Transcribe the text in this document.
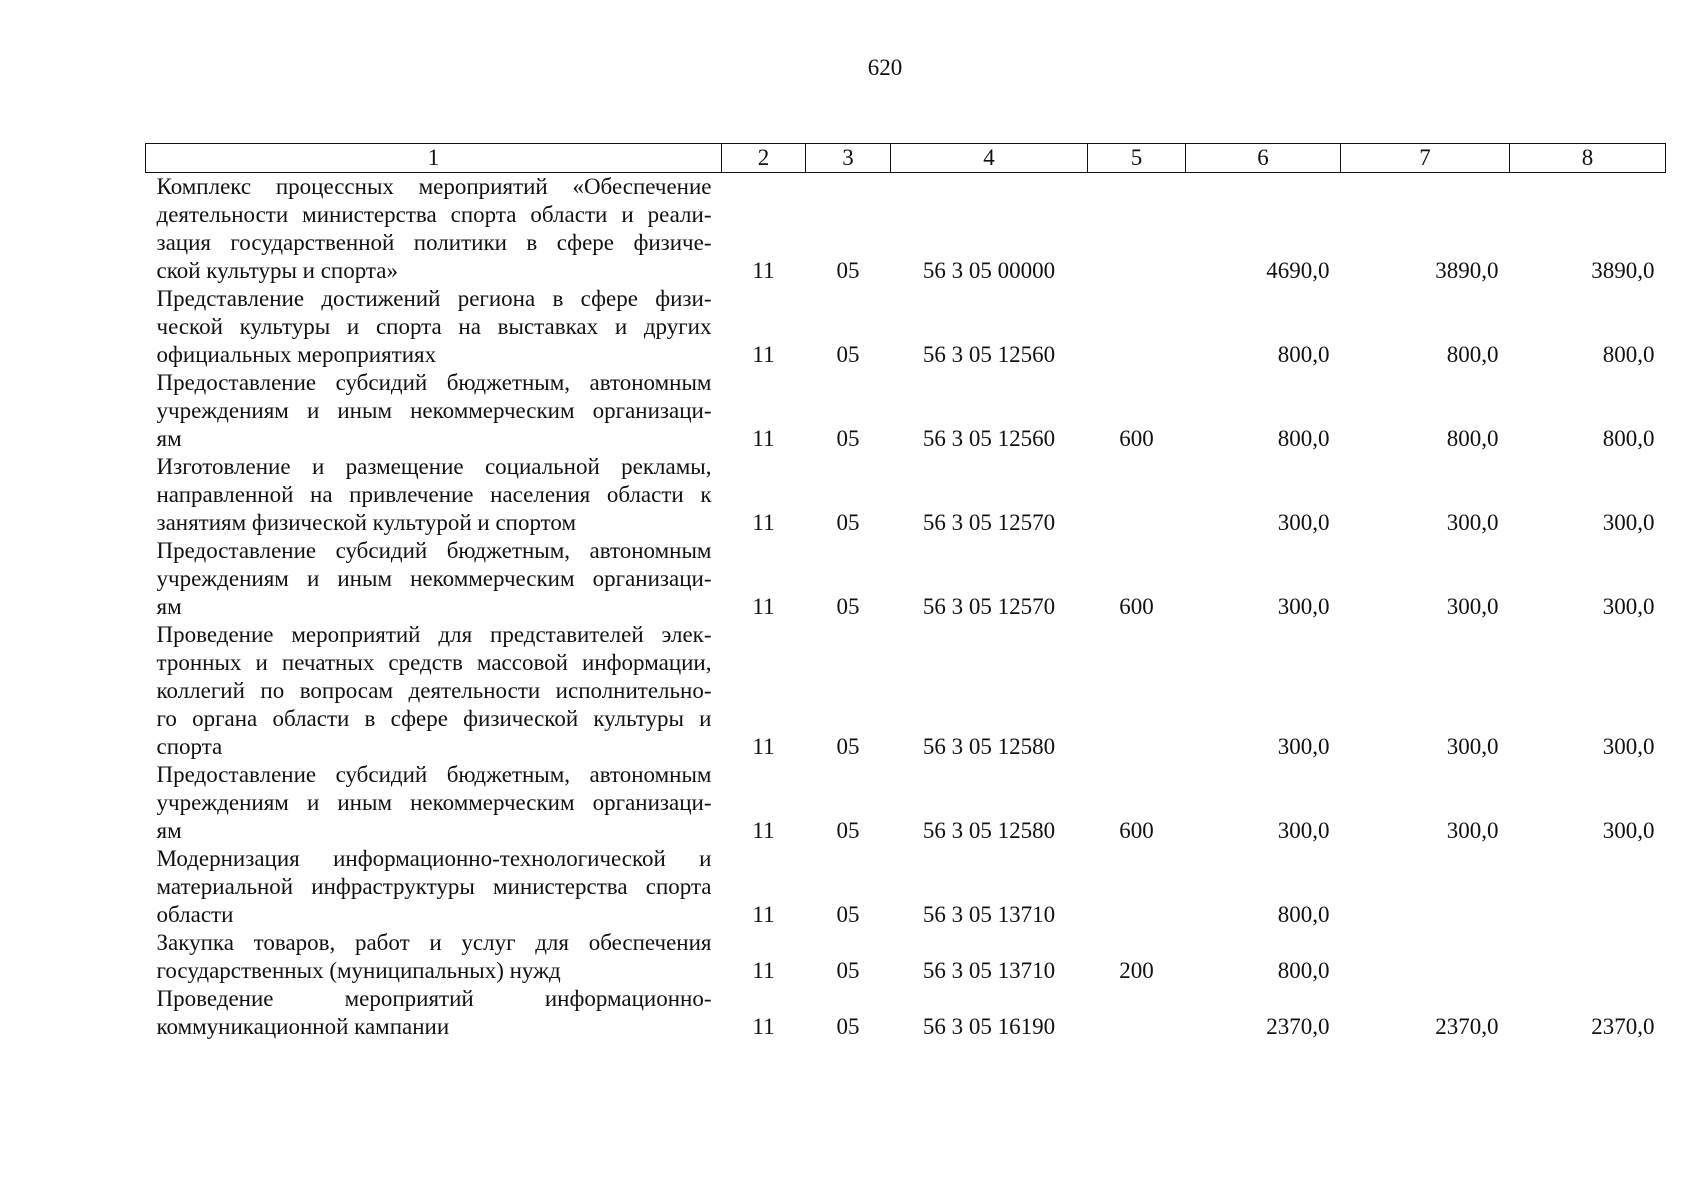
620
1	2	3	4	5	6	7	8

Комплекс процессных мероприятий «Обеспечение
деятельности министерства спорта области и реали-
зация государственной политики в сфере физиче-
ской культуры и спорта»	11	05	56 3 05 00000		4690,0	3890,0	3890,0

Представление достижений региона в сфере физи-
ческой культуры и спорта на выставках и других
официальных мероприятиях	11	05	56 3 05 12560		800,0	800,0	800,0

Предоставление субсидий бюджетным, автономным
учреждениям и иным некоммерческим организаци-
ям	11	05	56 3 05 12560	600	800,0	800,0	800,0

Изготовление и размещение социальной рекламы,
направленной на привлечение населения области к
занятиям физической культурой и спортом	11	05	56 3 05 12570		300,0	300,0	300,0

Предоставление субсидий бюджетным, автономным
учреждениям и иным некоммерческим организаци-
ям	11	05	56 3 05 12570	600	300,0	300,0	300,0

Проведение мероприятий для представителей элек-
тронных и печатных средств массовой информации,
коллегий по вопросам деятельности исполнительно-
го органа области в сфере физической культуры и
спорта	11	05	56 3 05 12580		300,0	300,0	300,0

Предоставление субсидий бюджетным, автономным
учреждениям и иным некоммерческим организаци-
ям	11	05	56 3 05 12580	600	300,0	300,0	300,0

Модернизация информационно-технологической и
материальной инфраструктуры министерства спорта
области	11	05	56 3 05 13710		800,0		

Закупка товаров, работ и услуг для обеспечения
государственных (муниципальных) нужд	11	05	56 3 05 13710	200	800,0		

Проведение мероприятий информационно-
коммуникационной кампании	11	05	56 3 05 16190		2370,0	2370,0	2370,0
